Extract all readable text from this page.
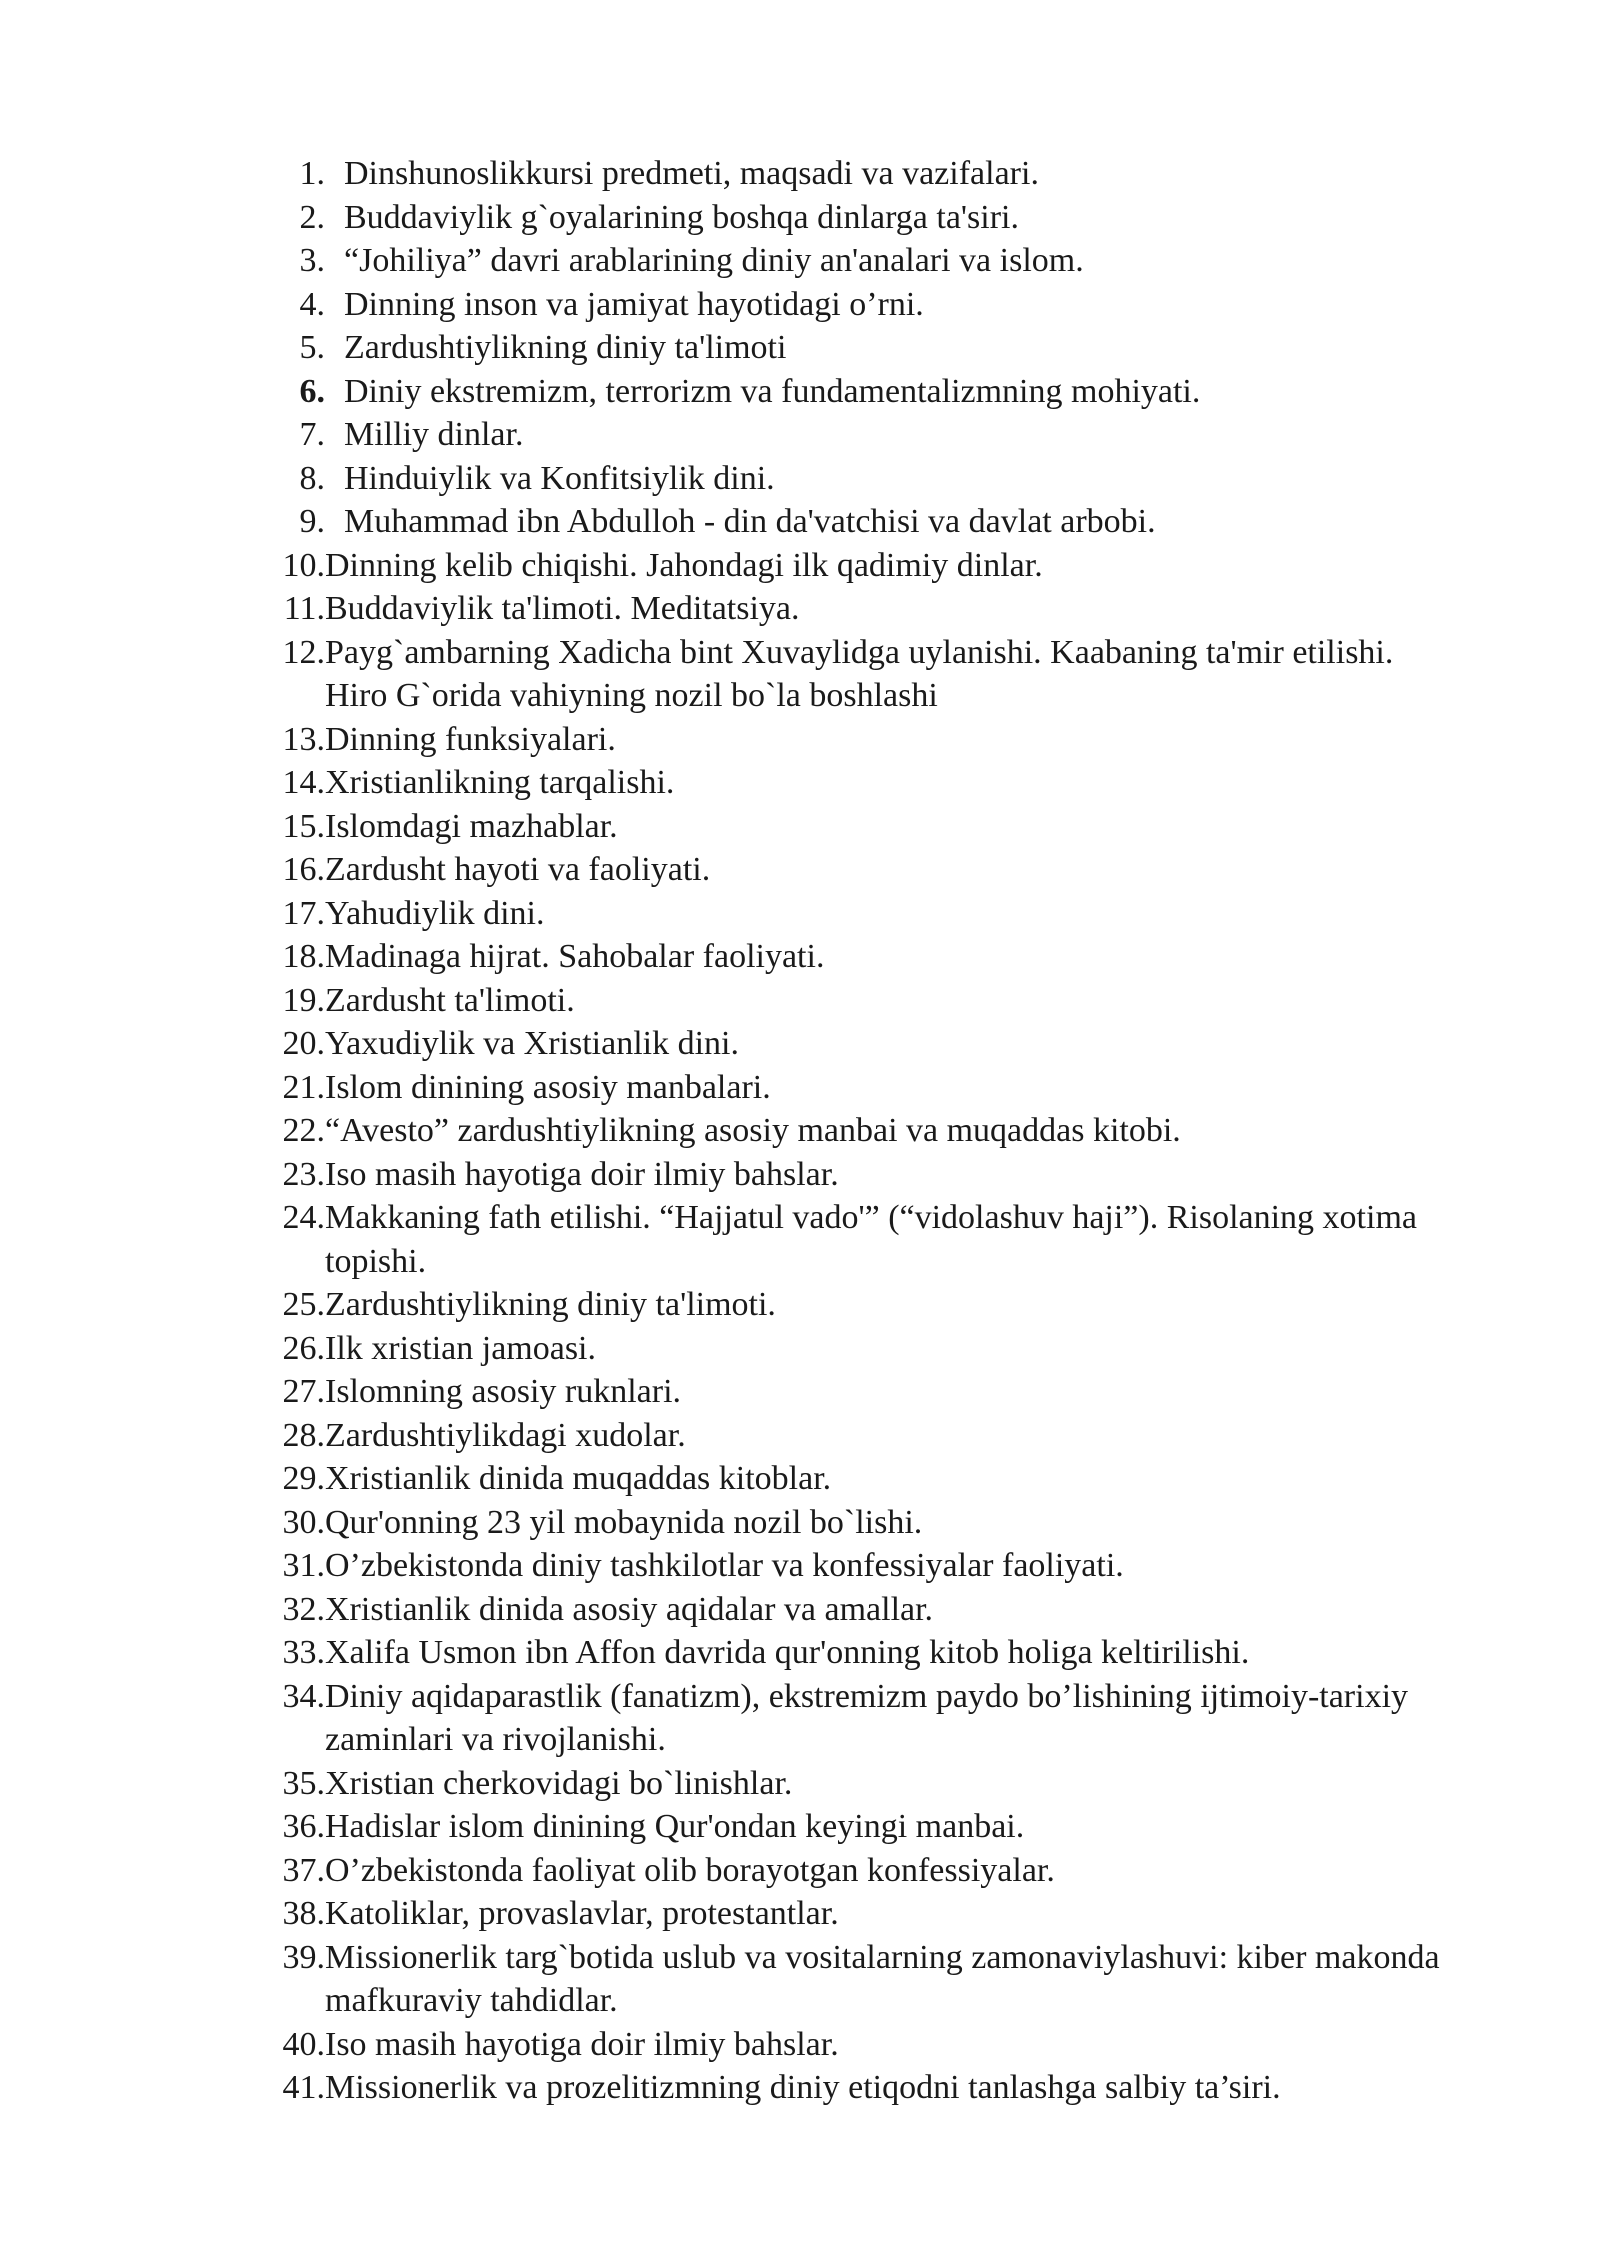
1. Dinshunoslikkursi predmeti, maqsadi va vazifalari.
2. Buddaviylik g`oyalarining boshqa dinlarga ta'siri.
3. “Johiliya” davri arablarining diniy an'analari va islom.
4. Dinning inson va jamiyat hayotidagi o’rni.
5. Zardushtiylikning diniy ta'limoti
6. Diniy ekstremizm, terrorizm va fundamentalizmning mohiyati.
7. Milliy dinlar.
8. Hinduiylik va Konfitsiylik dini.
9. Muhammad ibn Abdulloh - din da'vatchisi va davlat arbobi.
10. Dinning kelib chiqishi. Jahondagi ilk qadimiy dinlar.
11. Buddaviylik ta'limoti. Meditatsiya.
12. Payg`ambarning Xadicha bint Xuvaylidga uylanishi. Kaabaning ta'mir etilishi. Hiro G`orida vahiyning nozil bo`la boshlashi
13. Dinning funksiyalari.
14. Xristianlikning tarqalishi.
15. Islomdagi mazhablar.
16. Zardusht hayoti va faoliyati.
17. Yahudiylik dini.
18. Madinaga hijrat. Sahobalar faoliyati.
19. Zardusht ta'limoti.
20. Yaxudiylik va Xristianlik dini.
21. Islom dinining asosiy manbalari.
22. “Avesto” zardushtiylikning asosiy manbai va muqaddas kitobi.
23. Iso masih hayotiga doir ilmiy bahslar.
24. Makkaning fath etilishi. “Hajjatul vado'” (“vidolashuv haji”). Risolaning xotima topishi.
25. Zardushtiylikning diniy ta'limoti.
26. Ilk xristian jamoasi.
27. Islomning asosiy ruknlari.
28. Zardushtiylikdagi xudolar.
29. Xristianlik dinida muqaddas kitoblar.
30. Qur'onning 23 yil mobaynida nozil bo`lishi.
31. O’zbekistonda diniy tashkilotlar va konfessiyalar faoliyati.
32. Xristianlik dinida asosiy aqidalar va amallar.
33. Xalifa Usmon ibn Affon davrida qur'onning kitob holiga keltirilishi.
34. Diniy aqidaparastlik (fanatizm), ekstremizm paydo bo’lishining ijtimoiy-tarixiy zaminlari va rivojlanishi.
35. Xristian cherkovidagi bo`linishlar.
36. Hadislar islom dinining Qur'ondan keyingi manbai.
37. O’zbekistonda faoliyat olib borayotgan konfessiyalar.
38. Katoliklar, provaslavlar, protestantlar.
39. Missionerlik targ`botida uslub va vositalarning zamonaviylashuvi: kiber makonda mafkuraviy tahdidlar.
40. Iso masih hayotiga doir ilmiy bahslar.
41. Missionerlik va prozelitizmning diniy etiqodni tanlashga salbiy ta’siri.
